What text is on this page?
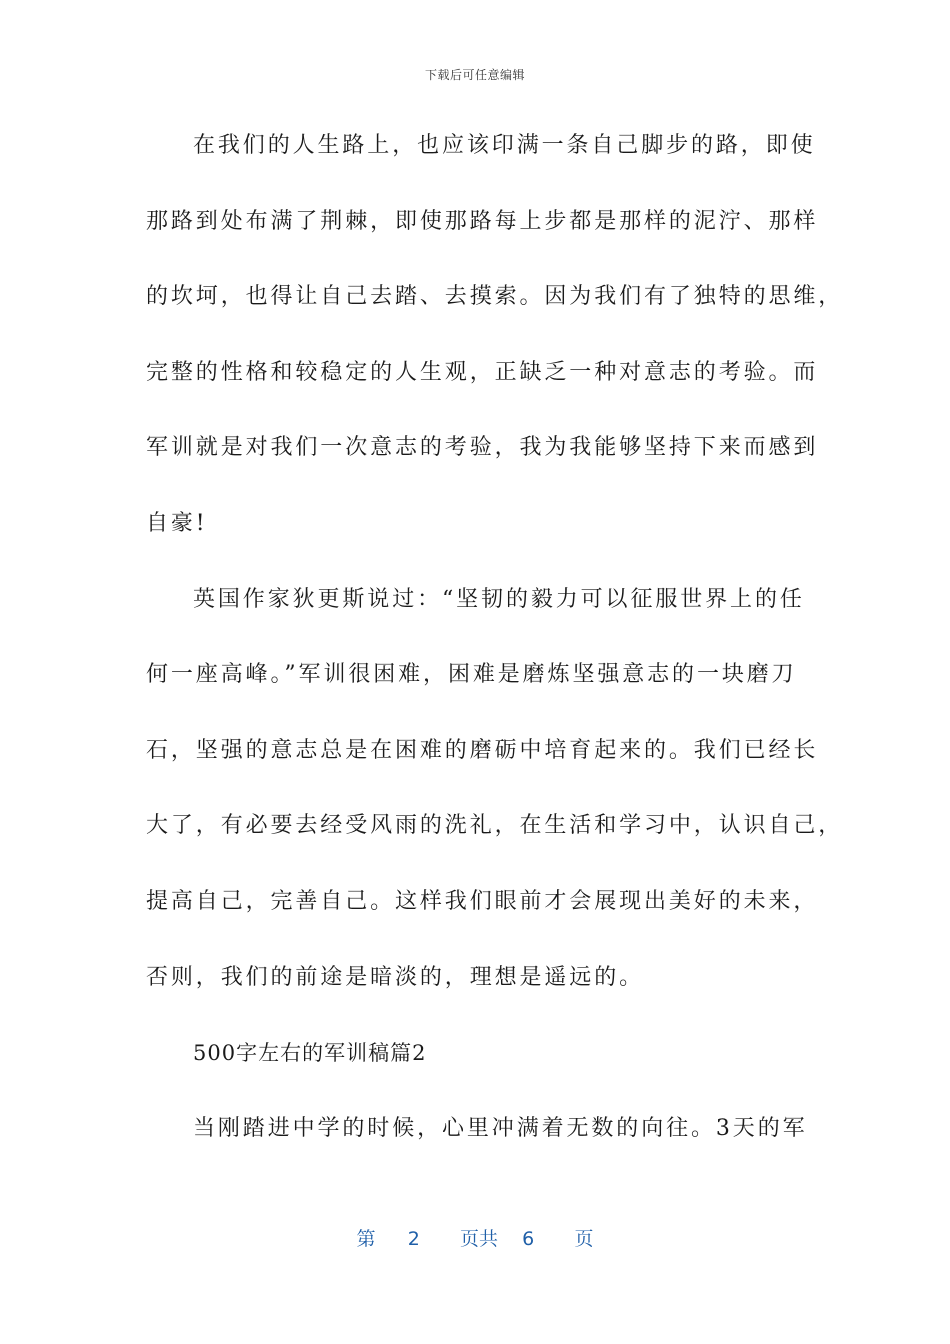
下载后可任意编辑
在我们的人生路上，也应该印满一条自己脚步的路，即使
那路到处布满了荆棘，即使那路每上步都是那样的泥泞、那样
的坎坷，也得让自己去踏、去摸索。因为我们有了独特的思维，
完整的性格和较稳定的人生观，正缺乏一种对意志的考验。而
军训就是对我们一次意志的考验，我为我能够坚持下来而感到
自豪!
英国作家狄更斯说过：“坚韧的毅力可以征服世界上的任
何一座高峰。”军训很困难，困难是磨炼坚强意志的一块磨刀
石，坚强的意志总是在困难的磨砺中培育起来的。我们已经长
大了，有必要去经受风雨的洗礼，在生活和学习中，认识自己，
提高自己，完善自己。这样我们眼前才会展现出美好的未来，
否则，我们的前途是暗淡的，理想是遥远的。
500字左右的军训稿篇2
当刚踏进中学的时候，心里冲满着无数的向往。3天的军
第 2 页共 6 页
